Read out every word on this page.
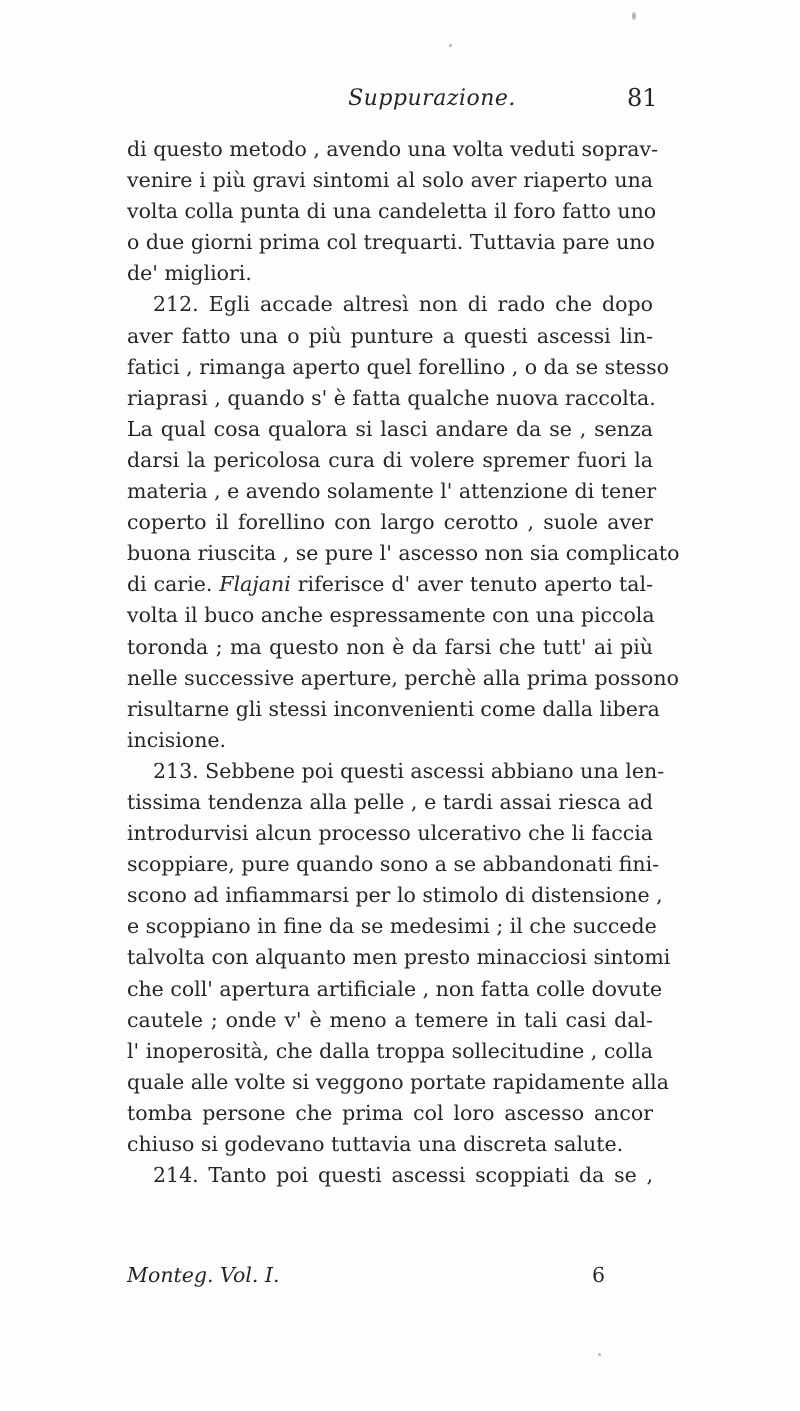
Suppurazione.	81
di questo metodo , avendo una volta veduti soprav-
venire i più gravi sintomi al solo aver riaperto una
volta colla punta di una candeletta il foro fatto uno
o due giorni prima col trequarti. Tuttavia pare uno
de' migliori.
212. Egli accade altresì non di rado che dopo
aver fatto una o più punture a questi ascessi lin-
fatici , rimanga aperto quel forellino , o da se stesso
riaprasi , quando s' è fatta qualche nuova raccolta.
La qual cosa qualora si lasci andare da se , senza
darsi la pericolosa cura di volere spremer fuori la
materia , e avendo solamente l' attenzione di tener
coperto il forellino con largo cerotto , suole aver
buona riuscita , se pure l' ascesso non sia complicato
di carie. Flajani riferisce d' aver tenuto aperto tal-
volta il buco anche espressamente con una piccola
toronda ; ma questo non è da farsi che tutt' ai più
nelle successive aperture, perchè alla prima possono
risultarne gli stessi inconvenienti come dalla libera
incisione.
213. Sebbene poi questi ascessi abbiano una len-
tissima tendenza alla pelle , e tardi assai riesca ad
introdurvisi alcun processo ulcerativo che li faccia
scoppiare, pure quando sono a se abbandonati fini-
scono ad infiammarsi per lo stimolo di distensione ,
e scoppiano in fine da se medesimi ; il che succede
talvolta con alquanto men presto minacciosi sintomi
che coll' apertura artificiale , non fatta colle dovute
cautele ; onde v' è meno a temere in tali casi dal-
l' inoperosità, che dalla troppa sollecitudine , colla
quale alle volte si veggono portate rapidamente alla
tomba persone che prima col loro ascesso ancor
chiuso si godevano tuttavia una discreta salute.
214. Tanto poi questi ascessi scoppiati da se ,
Monteg. Vol. I.	6
